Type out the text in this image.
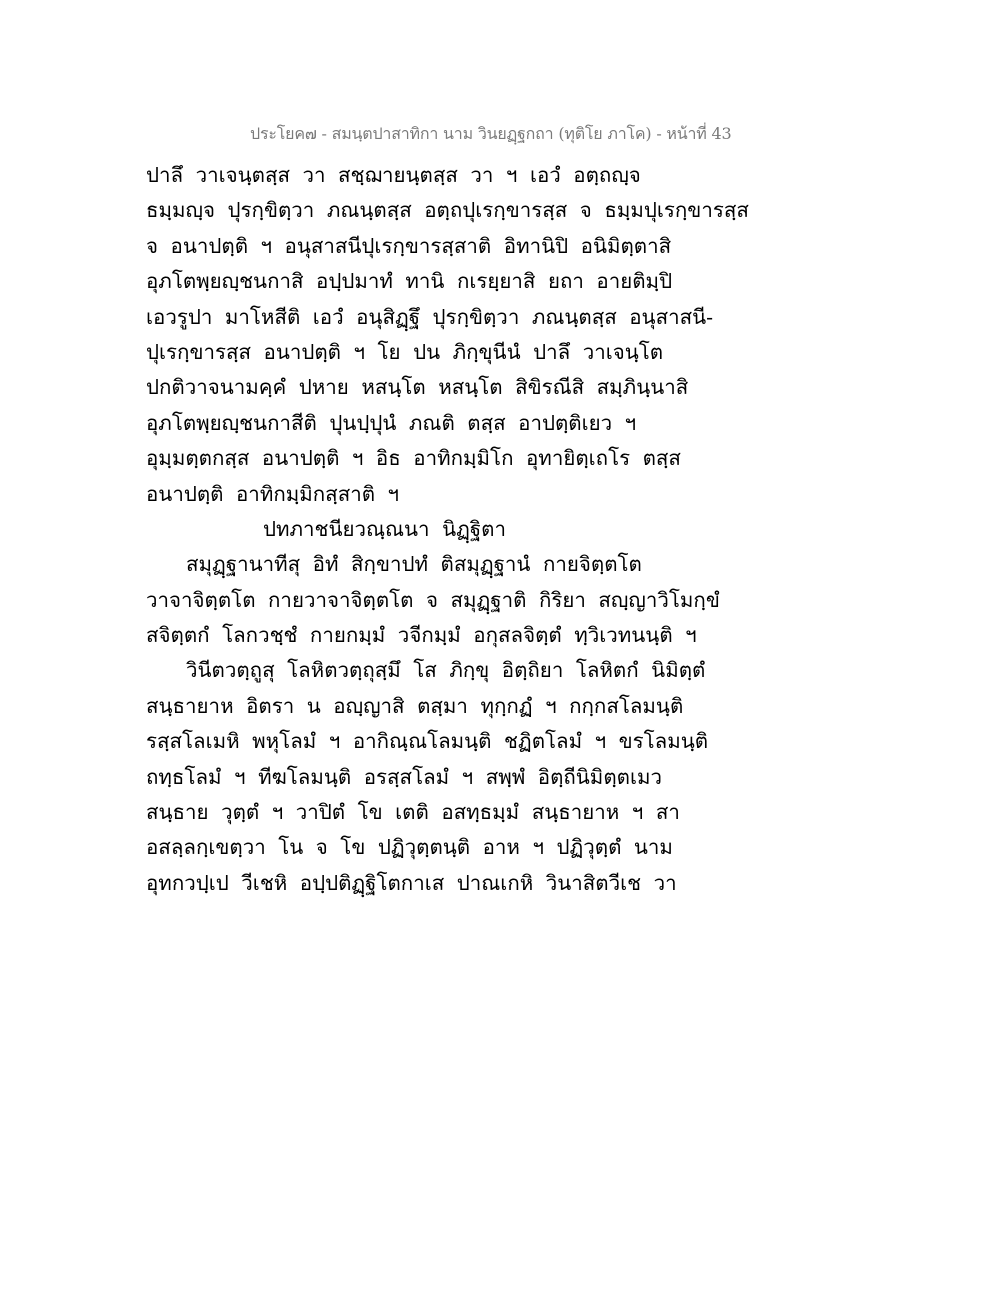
ประโยค๗ - สมนฺตปาสาทิกา นาม วินยฏฺฐกถา (ทุติโย ภาโค) - หน้าที่ 43
ปาลึ วาเจนฺตสฺส วา สชฺฌายนฺตสฺส วา ฯ เอวํ อตฺถญฺจ
ธมฺมญฺจ ปุรกฺขิตฺวา ภณนฺตสฺส อตฺถปุเรกฺขารสฺส จ ธมฺมปุเรกฺขารสฺส
จ อนาปตฺติ ฯ อนุสาสนีปุเรกฺขารสฺสาติ อิทานิปิ อนิมิตฺตาสิ
อุภโตพฺยญฺชนกาสิ อปฺปมาทํ ทานิ กเรยฺยาสิ ยถา อายติมฺปิ
เอวรูปา มาโหสีติ เอวํ อนุสิฏฺฐึ ปุรกฺขิตฺวา ภณนฺตสฺส อนุสาสนี-
ปุเรกฺขารสฺส อนาปตฺติ ฯ โย ปน ภิกฺขุนีนํ ปาลึ วาเจนฺโต
ปกติวาจนามคฺคํ ปหาย หสนฺโต หสนฺโต สิขิรณีสิ สมฺภินฺนาสิ
อุภโตพฺยญฺชนกาสีติ ปุนปฺปุนํ ภณติ ตสฺส อาปตฺติเยว ฯ
อุมฺมตฺตกสฺส อนาปตฺติ ฯ อิธ อาทิกมฺมิโก อุทายิตฺเถโร ตสฺส
อนาปตฺติ อาทิกมฺมิกสฺสาติ ฯ
ปทภาชนียวณฺณนา นิฏฺฐิตา
สมุฏฺฐานาทีสุ อิทํ สิกฺขาปทํ ติสมุฏฺฐานํ กายจิตฺตโต
วาจาจิตฺตโต กายวาจาจิตฺตโต จ สมุฏฺฐาติ กิริยา สญฺญาวิโมกฺขํ
สจิตฺตกํ โลกวชฺชํ กายกมฺมํ วจีกมฺมํ อกุสลจิตฺตํ ทฺวิเวทนนฺติ ฯ
วินีตวตฺถูสุ โลหิตวตฺถุสฺมึ โส ภิกฺขุ อิตฺถิยา โลหิตกํ นิมิตฺตํ
สนฺธายาห อิตรา น อญฺญาสิ ตสฺมา ทุกฺกฏํ ฯ กกฺกสโลมนฺติ
รสฺสโลเมหิ พหุโลมํ ฯ อากิณฺณโลมนฺติ ชฏิตโลมํ ฯ ขรโลมนฺติ
ถทฺธโลมํ ฯ ทีฆโลมนฺติ อรสฺสโลมํ ฯ สพฺพํ อิตฺถีนิมิตฺตเมว
สนฺธาย วุตฺตํ ฯ วาปิตํ โข เตติ อสทฺธมฺมํ สนฺธายาห ฯ สา
อสลฺลกฺเขตฺวา โน จ โข ปฏิวุตฺตนฺติ อาห ฯ ปฏิวุตฺตํ นาม
อุทกวปฺเป วีเชหิ อปฺปติฏฺฐิโตกาเส ปาณเกหิ วินาสิตวีเช วา
